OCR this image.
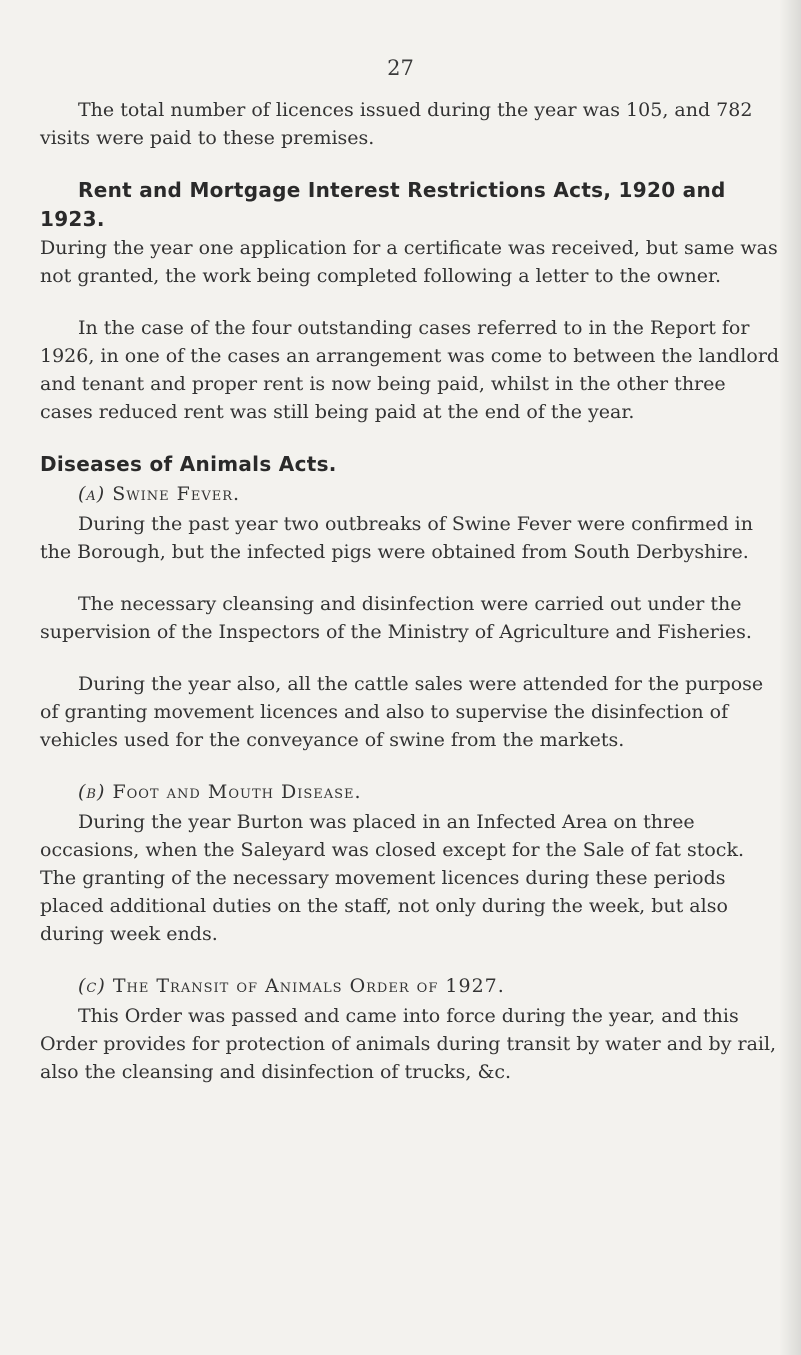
27

The total number of licences issued during the year was 105, and 782 visits were paid to these premises.

Rent and Mortgage Interest Restrictions Acts, 1920 and 1923.
During the year one application for a certificate was received, but same was not granted, the work being completed following a letter to the owner.

In the case of the four outstanding cases referred to in the Report for 1926, in one of the cases an arrangement was come to between the landlord and tenant and proper rent is now being paid, whilst in the other three cases reduced rent was still being paid at the end of the year.

Diseases of Animals Acts.
(a) Swine Fever.

During the past year two outbreaks of Swine Fever were confirmed in the Borough, but the infected pigs were obtained from South Derbyshire.

The necessary cleansing and disinfection were carried out under the supervision of the Inspectors of the Ministry of Agriculture and Fisheries.

During the year also, all the cattle sales were attended for the purpose of granting movement licences and also to supervise the disinfection of vehicles used for the conveyance of swine from the markets.

(b) Foot and Mouth Disease.

During the year Burton was placed in an Infected Area on three occasions, when the Saleyard was closed except for the Sale of fat stock. The granting of the necessary movement licences during these periods placed additional duties on the staff, not only during the week, but also during week ends.

(c) The Transit of Animals Order of 1927.

This Order was passed and came into force during the year, and this Order provides for protection of animals during transit by water and by rail, also the cleansing and disinfection of trucks, &c.
